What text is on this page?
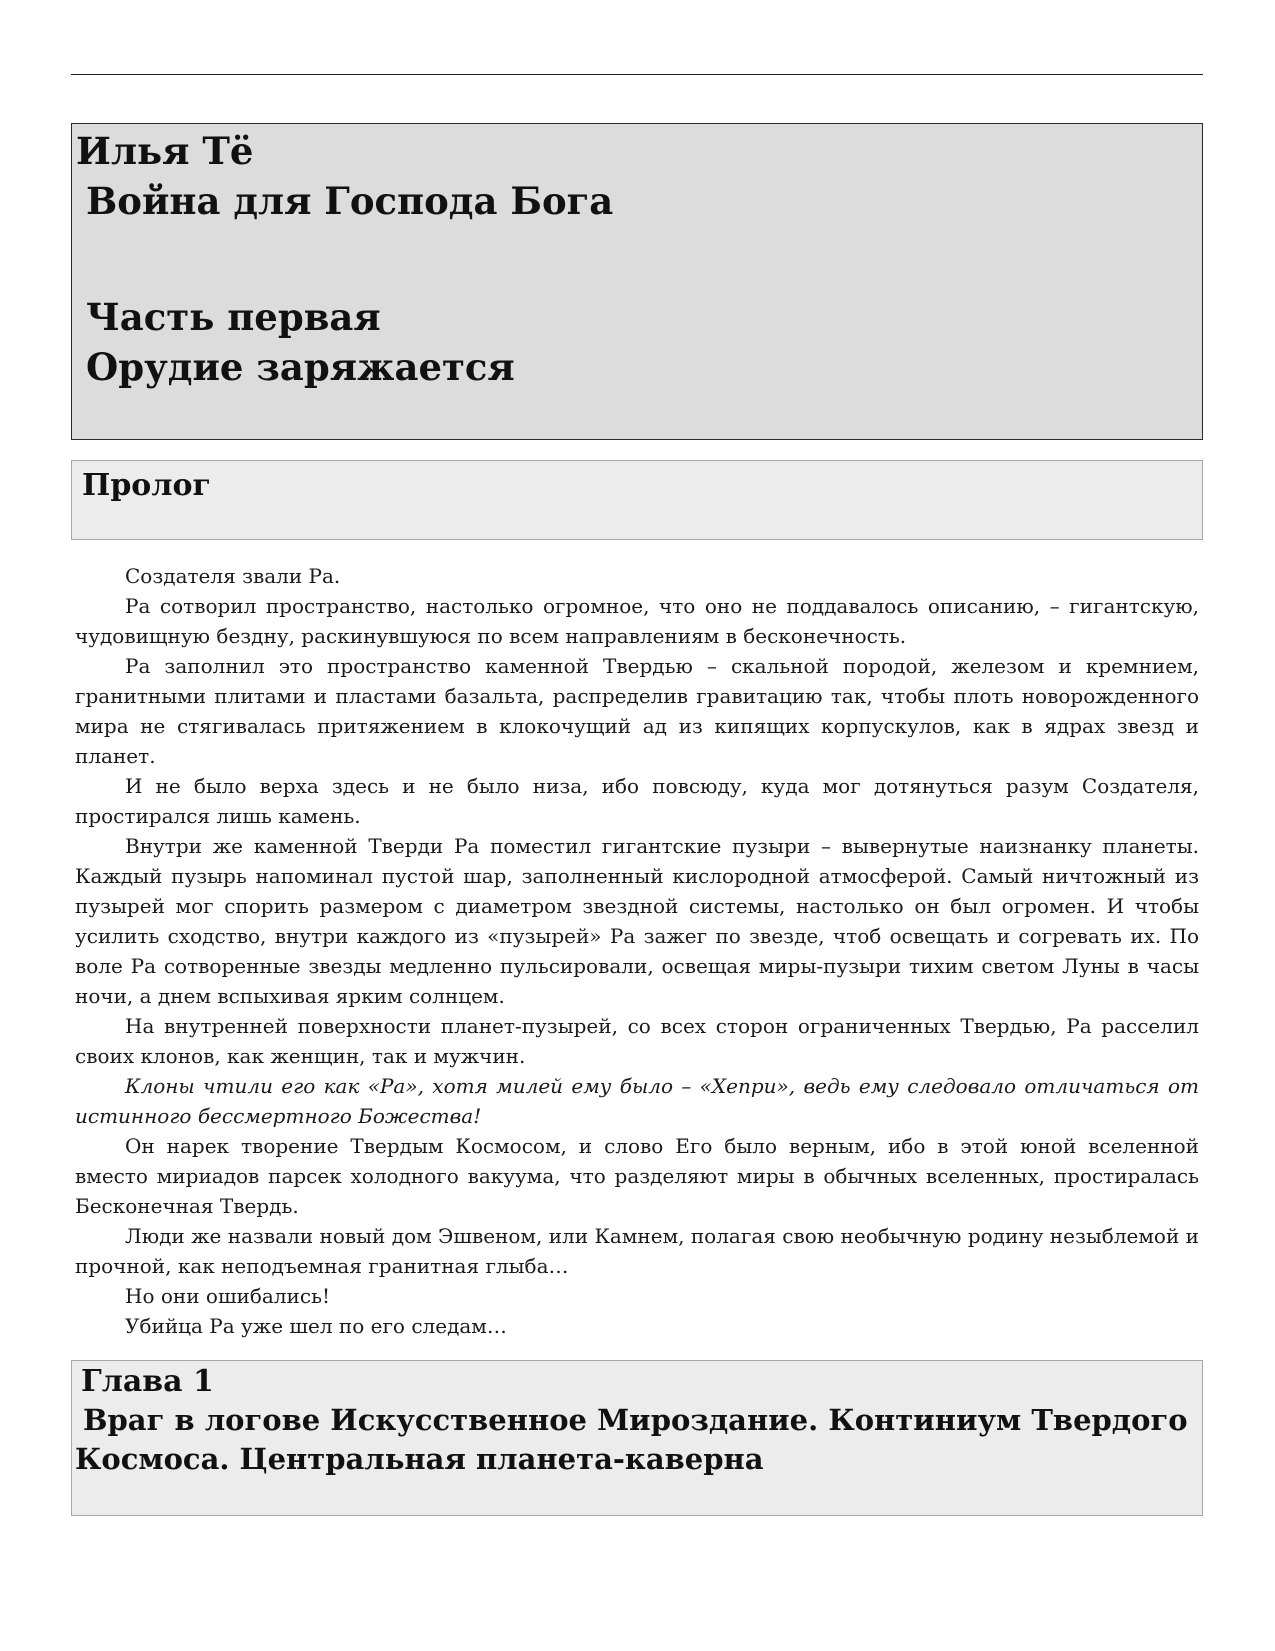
Илья Тё
Война для Господа Бога
Часть первая
Орудие заряжается
Пролог

Создателя звали Ра.

Ра сотворил пространство, настолько огромное, что оно не поддавалось описанию, – гигантскую, чудовищную бездну, раскинувшуюся по всем направлениям в бесконечность.

Ра заполнил это пространство каменной Твердью – скальной породой, железом и кремнием, гранитными плитами и пластами базальта, распределив гравитацию так, чтобы плоть новорожденного мира не стягивалась притяжением в клокочущий ад из кипящих корпускулов, как в ядрах звезд и планет.

И не было верха здесь и не было низа, ибо повсюду, куда мог дотянуться разум Создателя, простирался лишь камень.

Внутри же каменной Тверди Ра поместил гигантские пузыри – вывернутые наизнанку планеты. Каждый пузырь напоминал пустой шар, заполненный кислородной атмосферой. Самый ничтожный из пузырей мог спорить размером с диаметром звездной системы, настолько он был огромен. И чтобы усилить сходство, внутри каждого из «пузырей» Ра зажег по звезде, чтоб освещать и согревать их. По воле Ра сотворенные звезды медленно пульсировали, освещая миры-пузыри тихим светом Луны в часы ночи, а днем вспыхивая ярким солнцем.

На внутренней поверхности планет-пузырей, со всех сторон ограниченных Твердью, Ра расселил своих клонов, как женщин, так и мужчин.

Клоны чтили его как «Ра», хотя милей ему было – «Хепри», ведь ему следовало отличаться от истинного бессмертного Божества!

Он нарек творение Твердым Космосом, и слово Его было верным, ибо в этой юной вселенной вместо мириадов парсек холодного вакуума, что разделяют миры в обычных вселенных, простиралась Бесконечная Твердь.

Люди же назвали новый дом Эшвеном, или Камнем, полагая свою необычную родину незыблемой и прочной, как неподъемная гранитная глыба…

Но они ошибались!

Убийца Ра уже шел по его следам…

Глава 1
Враг в логове Искусственное Мироздание. Континиум Твердого
Космоса. Центральная планета-каверна
